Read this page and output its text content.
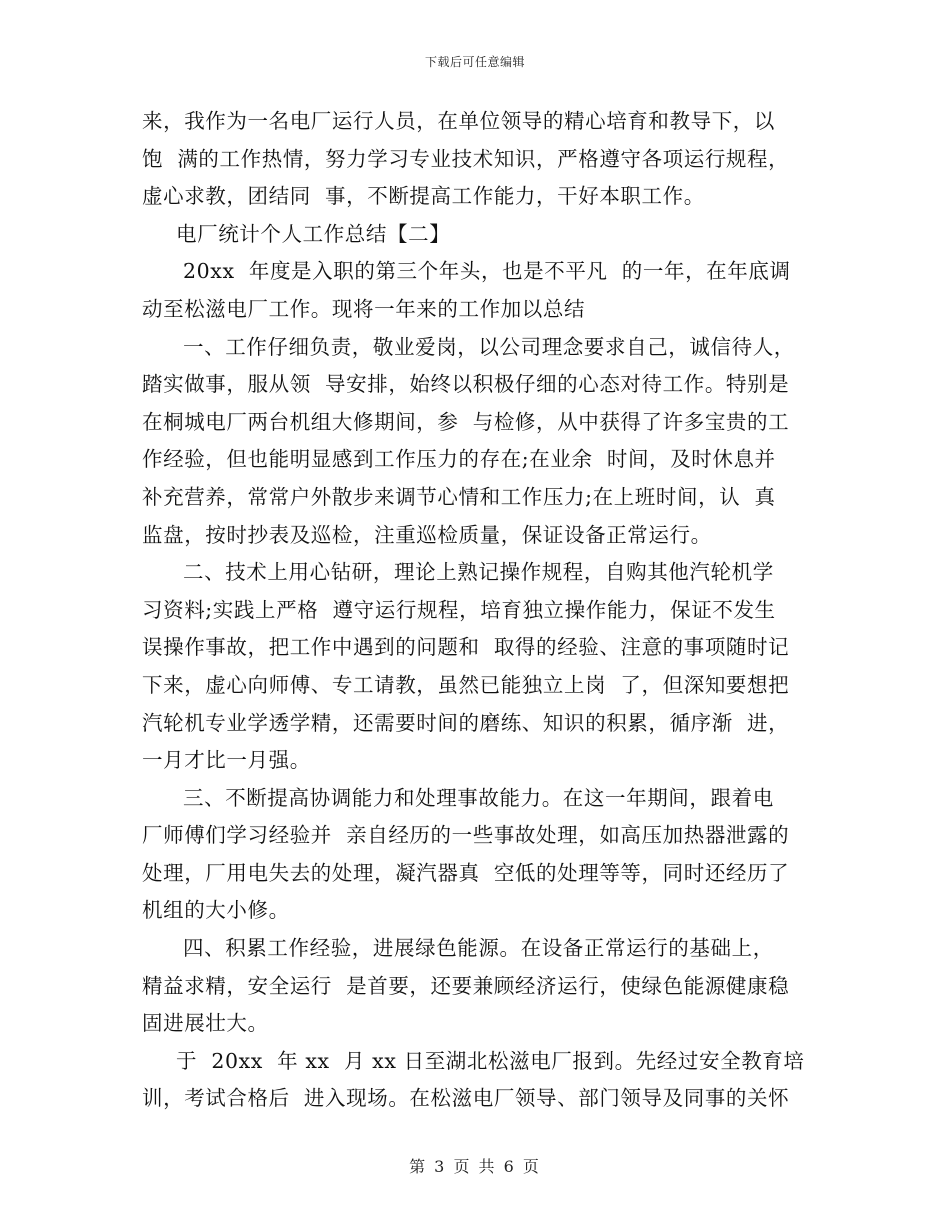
下载后可任意编辑
来，我作为一名电厂运行人员，在单位领导的精心培育和教导下，以
饱  满的工作热情，努力学习专业技术知识，严格遵守各项运行规程，
虚心求教，团结同  事，不断提高工作能力，干好本职工作。
电厂统计个人工作总结【二】
20xx  年度是入职的第三个年头，也是不平凡  的一年，在年底调
动至松滋电厂工作。现将一年来的工作加以总结
一、工作仔细负责，敬业爱岗，以公司理念要求自己，诚信待人，
踏实做事，服从领  导安排，始终以积极仔细的心态对待工作。特别是
在桐城电厂两台机组大修期间，参  与检修，从中获得了许多宝贵的工
作经验，但也能明显感到工作压力的存在;在业余  时间，及时休息并
补充营养，常常户外散步来调节心情和工作压力;在上班时间，认  真
监盘，按时抄表及巡检，注重巡检质量，保证设备正常运行。
二、技术上用心钻研，理论上熟记操作规程，自购其他汽轮机学
习资料;实践上严格  遵守运行规程，培育独立操作能力，保证不发生
误操作事故，把工作中遇到的问题和  取得的经验、注意的事项随时记
下来，虚心向师傅、专工请教，虽然已能独立上岗  了，但深知要想把
汽轮机专业学透学精，还需要时间的磨练、知识的积累，循序渐  进，
一月才比一月强。
三、不断提高协调能力和处理事故能力。在这一年期间，跟着电
厂师傅们学习经验并  亲自经历的一些事故处理，如高压加热器泄露的
处理，厂用电失去的处理，凝汽器真  空低的处理等等，同时还经历了
机组的大小修。
四、积累工作经验，进展绿色能源。在设备正常运行的基础上，
精益求精，安全运行  是首要，还要兼顾经济运行，使绿色能源健康稳
固进展壮大。
于  20xx  年 xx  月 xx 日至湖北松滋电厂报到。先经过安全教育培
训，考试合格后  进入现场。在松滋电厂领导、部门领导及同事的关怀
第 3 页 共 6 页
